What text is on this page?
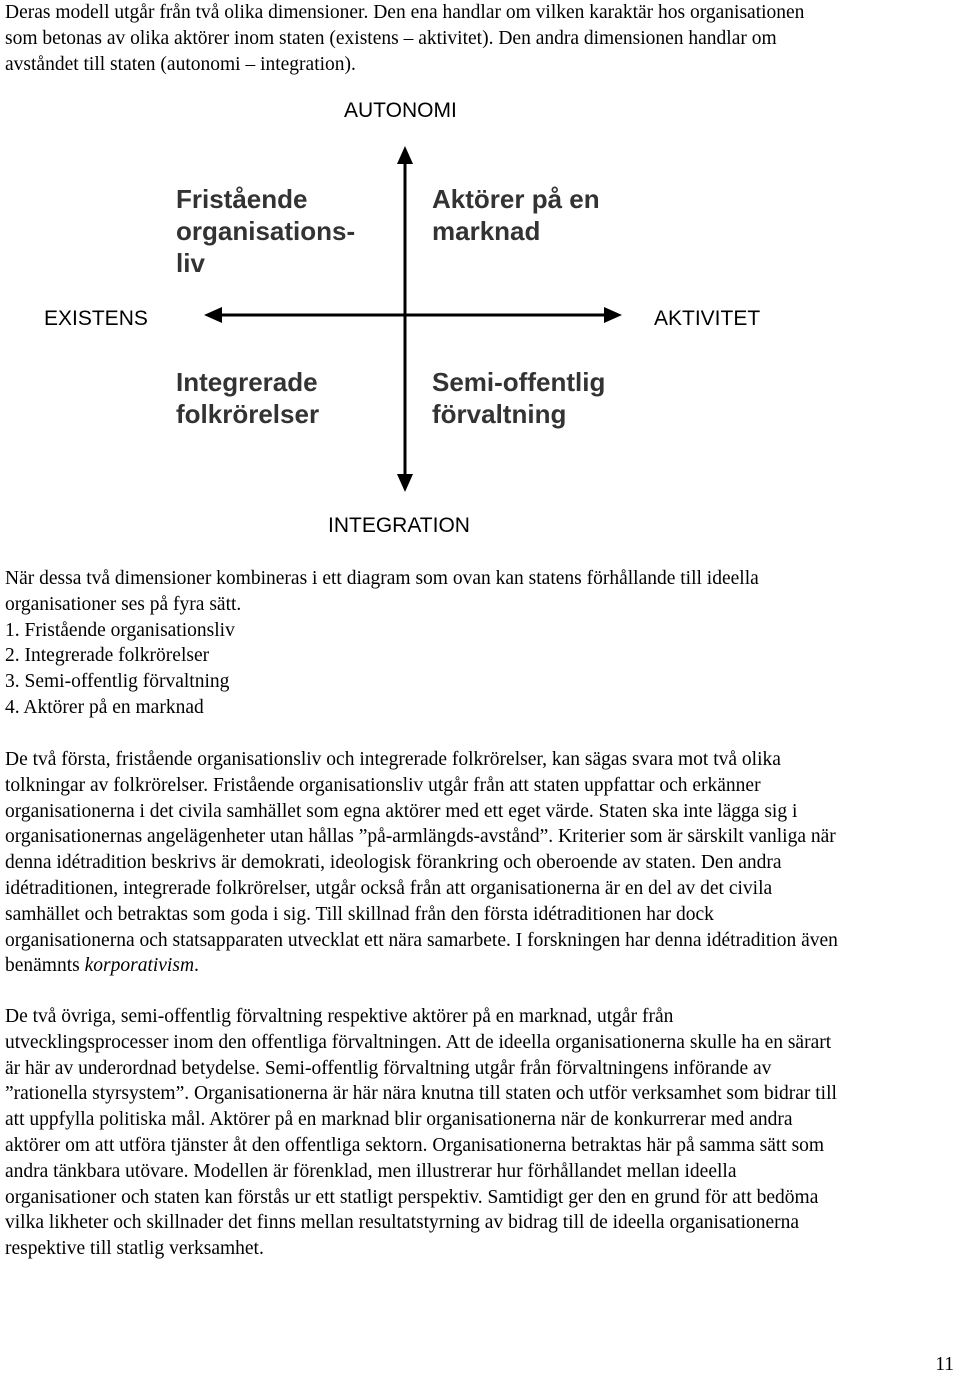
Deras modell utgår från två olika dimensioner. Den ena handlar om vilken karaktär hos organisationen
som betonas av olika aktörer inom staten (existens – aktivitet). Den andra dimensionen handlar om
avståndet till staten (autonomi – integration).
AUTONOMI
INTEGRATION
EXISTENS	AKTIVITET
Fristående
organisations-
liv
Aktörer på en
marknad
Integrerade
folkrörelser
Semi-offentlig
förvaltning
När dessa två dimensioner kombineras i ett diagram som ovan kan statens förhållande till ideella
organisationer ses på fyra sätt.
1. Fristående organisationsliv
2. Integrerade folkrörelser
3. Semi-offentlig förvaltning
4. Aktörer på en marknad
De två första, fristående organisationsliv och integrerade folkrörelser, kan sägas svara mot två olika
tolkningar av folkrörelser. Fristående organisationsliv utgår från att staten uppfattar och erkänner
organisationerna i det civila samhället som egna aktörer med ett eget värde. Staten ska inte lägga sig i
organisationernas angelägenheter utan hållas ”på-armlängds-avstånd”. Kriterier som är särskilt vanliga när
denna idétradition beskrivs är demokrati, ideologisk förankring och oberoende av staten. Den andra
idétraditionen, integrerade folkrörelser, utgår också från att organisationerna är en del av det civila
samhället och betraktas som goda i sig. Till skillnad från den första idétraditionen har dock
organisationerna och statsapparaten utvecklat ett nära samarbete. I forskningen har denna idétradition även
benämnts korporativism.
De två övriga, semi-offentlig förvaltning respektive aktörer på en marknad, utgår från
utvecklingsprocesser inom den offentliga förvaltningen. Att de ideella organisationerna skulle ha en särart
är här av underordnad betydelse. Semi-offentlig förvaltning utgår från förvaltningens införande av
”rationella styrsystem”. Organisationerna är här nära knutna till staten och utför verksamhet som bidrar till
att uppfylla politiska mål. Aktörer på en marknad blir organisationerna när de konkurrerar med andra
aktörer om att utföra tjänster åt den offentliga sektorn. Organisationerna betraktas här på samma sätt som
andra tänkbara utövare. Modellen är förenklad, men illustrerar hur förhållandet mellan ideella
organisationer och staten kan förstås ur ett statligt perspektiv. Samtidigt ger den en grund för att bedöma
vilka likheter och skillnader det finns mellan resultatstyrning av bidrag till de ideella organisationerna
respektive till statlig verksamhet.
11
